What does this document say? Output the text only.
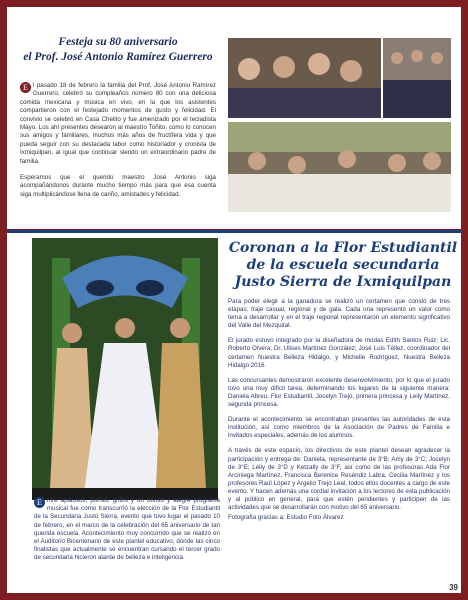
Festeja su 80 aniversario
el Prof. José Antonio Ramírez Guerrero

E l pasado 18 de febrero la familia del Prof. José Antonio Ramírez Guerrero, celebró su cumpleaños número 80 con una deliciosa comida mexicana y música en vivo, en la que los asistentes compartieron con el festejado momentos de gusto y felicidad. El convivio se celebró en Casa Chelito y fue amenizado por el tecladista Mayo. Los ahí presentes desearon al maestro Toñito, como lo conocen sus amigos y familiares, muchos más años de fructífera vida y que pueda seguir con su destacada labor como historiador y cronista de Ixmiquilpan, al igual que continuar siendo un extraordinario padre de familia.

Esperamos que el querido maestro José Antonio siga acompañándonos durante mucho tiempo más para que esa cuenta siga multiplicándose llena de cariño, amistades y felicidad.

E ntre aplausos, porras, gritos y un bonito y alegre programa musical fue como transcurrió la elección de la Flor Estudiantil de la Secundaria Justo Sierra, evento que tuvo lugar el pasado 10 de febrero, en el marco de la celebración del 65 aniversario de tan querida escuela. Acontecimiento muy concurrido que se realizó en el Auditorio Bicentenario de este plantel educativo, donde las cinco finalistas que actualmente se encuentran cursando el tercer grado de secundaria hicieron alarde de belleza e inteligencia.
Coronan a la Flor Estudiantil
de la escuela secundaria
Justo Sierra de Ixmiquilpan

Para poder elegir a la ganadora se realizó un certamen que constó de tres etapas: traje casual, regional y de gala. Cada una representó un valor como tema a desarrollar y en el traje regional representaron un elemento significativo del Valle del Mezquital.

El jurado estuvo integrado por la diseñadora de modas Edith Santos Ruiz; Lic. Roberto Olvera; Dr. Ulises Martínez González; José Luis Téllez, coordinador del certamen Nuestra Belleza Hidalgo, y Michelle Rodríguez, Nuestra Belleza Hidalgo 2016.

Las concursantes demostraron excelente desenvolvimiento, por lo que el jurado tuvo una muy difícil tarea, determinando los lugares de la siguiente manera: Daniela Abreu, Flor Estudiantil, Jocelyn Trejo, primera princesa y Leily Martínez, segunda princesa.

Durante el acontecimiento se encontraban presentes las autoridades de esta institución, así como miembros de la Asociación de Padres de Familia e invitados especiales, además de los alumnos.

A través de este espacio, los directivos de este plantel desean agradecer la participación y entrega de: Daniela, representante de 3°B; Amy de 3°C; Jocelyn de 3°E; Leily de 3°D y Ketzally de 3°F, así como de las profesoras Ada Flor Arciniega Martínez, Francisca Berenice Reséndiz Labra, Cecilia Martínez y los profesores Raúl López y Argelio Trejo Leal, todos ellos docentes a cargo de este evento. Y hacen además una cordial invitación a los lectores de esta publicación y al público en general, para que estén pendientes y participen de las actividades que se desarrollarán con motivo del 65 aniversario.

Fotografía gracias a: Estudio Foto Álvarez

39
